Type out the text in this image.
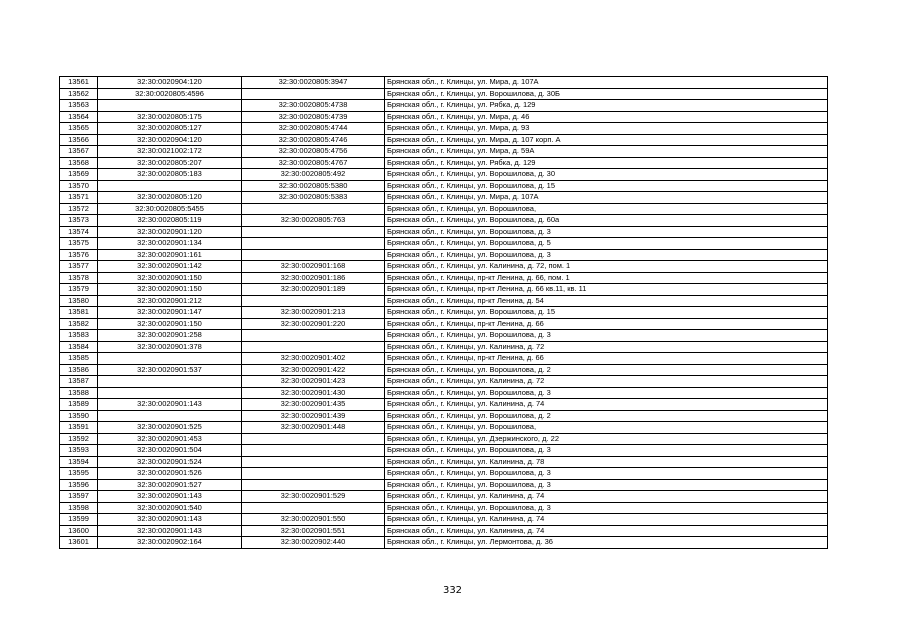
13561	32:30:0020904:120	32:30:0020805:3947	Брянская обл., г. Клинцы, ул. Мира, д. 107А
13562	32:30:0020805:4596		Брянская обл., г. Клинцы, ул. Ворошилова, д. 30Б
13563		32:30:0020805:4738	Брянская обл., г. Клинцы, ул. Рябка, д. 129
13564	32:30:0020805:175	32:30:0020805:4739	Брянская обл., г. Клинцы, ул. Мира, д. 46
13565	32:30:0020805:127	32:30:0020805:4744	Брянская обл., г. Клинцы, ул. Мира, д. 93
13566	32:30:0020904:120	32:30:0020805:4746	Брянская обл., г. Клинцы, ул. Мира, д. 107 корп. А
13567	32:30:0021002:172	32:30:0020805:4756	Брянская обл., г. Клинцы, ул. Мира, д. 59А
13568	32:30:0020805:207	32:30:0020805:4767	Брянская обл., г. Клинцы, ул. Рябка, д. 129
13569	32:30:0020805:183	32:30:0020805:492	Брянская обл., г. Клинцы, ул. Ворошилова, д. 30
13570		32:30:0020805:5380	Брянская обл., г. Клинцы, ул. Ворошилова, д. 15
13571	32:30:0020805:120	32:30:0020805:5383	Брянская обл., г. Клинцы, ул. Мира, д. 107А
13572	32:30:0020805:5455		Брянская обл., г. Клинцы, ул. Ворошилова,
13573	32:30:0020805:119	32:30:0020805:763	Брянская обл., г. Клинцы, ул. Ворошилова, д. 60а
13574	32:30:0020901:120		Брянская обл., г. Клинцы, ул. Ворошилова, д. 3
13575	32:30:0020901:134		Брянская обл., г. Клинцы, ул. Ворошилова, д. 5
13576	32:30:0020901:161		Брянская обл., г. Клинцы, ул. Ворошилова, д. 3
13577	32:30:0020901:142	32:30:0020901:168	Брянская обл., г. Клинцы, ул. Калинина, д. 72, пом. 1
13578	32:30:0020901:150	32:30:0020901:186	Брянская обл., г. Клинцы, пр-кт Ленина, д. 66, пом. 1
13579	32:30:0020901:150	32:30:0020901:189	Брянская обл., г. Клинцы, пр-кт Ленина, д. 66 кв.11, кв. 11
13580	32:30:0020901:212		Брянская обл., г. Клинцы, пр-кт Ленина, д. 54
13581	32:30:0020901:147	32:30:0020901:213	Брянская обл., г. Клинцы, ул. Ворошилова, д. 15
13582	32:30:0020901:150	32:30:0020901:220	Брянская обл., г. Клинцы, пр-кт Ленина, д. 66
13583	32:30:0020901:258		Брянская обл., г. Клинцы, ул. Ворошилова, д. 3
13584	32:30:0020901:378		Брянская обл., г. Клинцы, ул. Калинина, д. 72
13585		32:30:0020901:402	Брянская обл., г. Клинцы, пр-кт Ленина, д. 66
13586	32:30:0020901:537	32:30:0020901:422	Брянская обл., г. Клинцы, ул. Ворошилова, д. 2
13587		32:30:0020901:423	Брянская обл., г. Клинцы, ул. Калинина, д. 72
13588		32:30:0020901:430	Брянская обл., г. Клинцы, ул. Ворошилова, д. 3
13589	32:30:0020901:143	32:30:0020901:435	Брянская обл., г. Клинцы, ул. Калинина, д. 74
13590		32:30:0020901:439	Брянская обл., г. Клинцы, ул. Ворошилова, д. 2
13591	32:30:0020901:525	32:30:0020901:448	Брянская обл., г. Клинцы, ул. Ворошилова,
13592	32:30:0020901:453		Брянская обл., г. Клинцы, ул. Дзержинского, д. 22
13593	32:30:0020901:504		Брянская обл., г. Клинцы, ул. Ворошилова, д. 3
13594	32:30:0020901:524		Брянская обл., г. Клинцы, ул. Калинина, д. 78
13595	32:30:0020901:526		Брянская обл., г. Клинцы, ул. Ворошилова, д. 3
13596	32:30:0020901:527		Брянская обл., г. Клинцы, ул. Ворошилова, д. 3
13597	32:30:0020901:143	32:30:0020901:529	Брянская обл., г. Клинцы, ул. Калинина, д. 74
13598	32:30:0020901:540		Брянская обл., г. Клинцы, ул. Ворошилова, д. 3
13599	32:30:0020901:143	32:30:0020901:550	Брянская обл., г. Клинцы, ул. Калинина, д. 74
13600	32:30:0020901:143	32:30:0020901:551	Брянская обл., г. Клинцы, ул. Калинина, д. 74
13601	32:30:0020902:164	32:30:0020902:440	Брянская обл., г. Клинцы, ул. Лермонтова, д. 36
332
